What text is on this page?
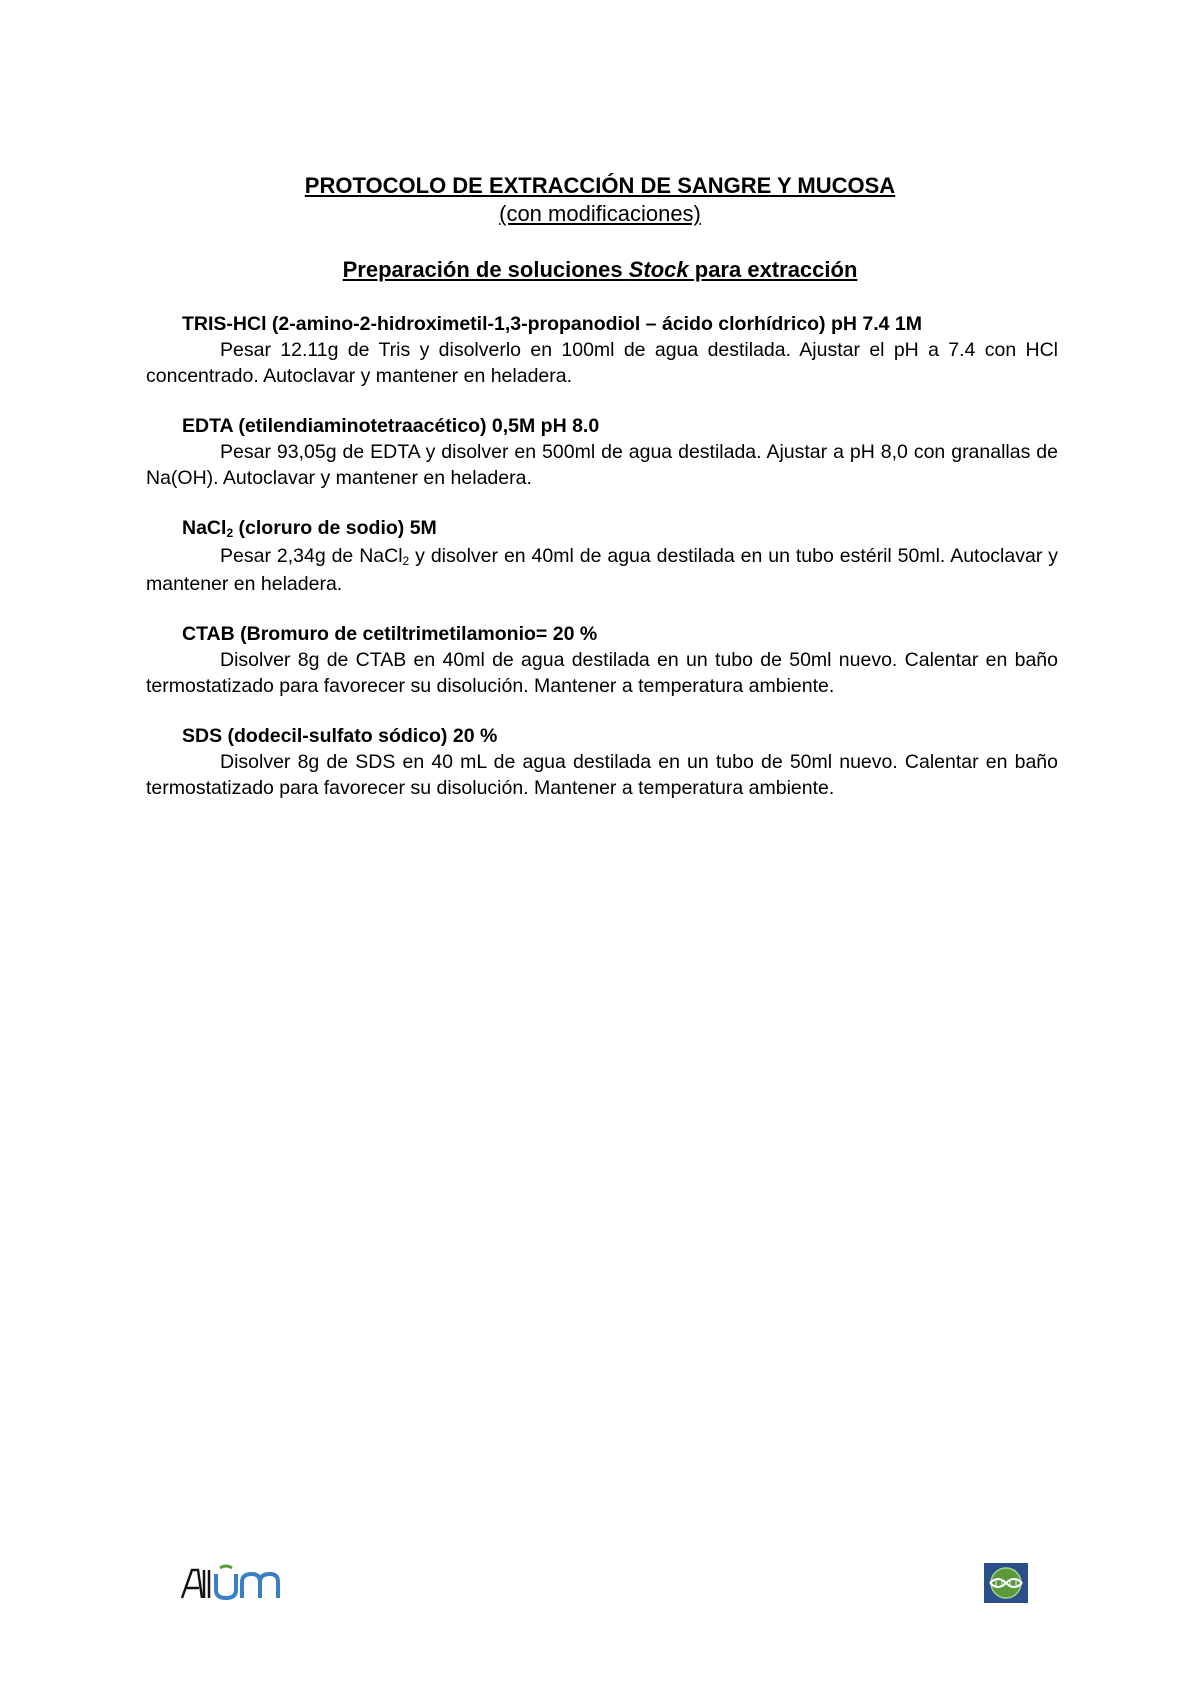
PROTOCOLO DE EXTRACCIÓN DE SANGRE Y MUCOSA

(con modificaciones)

Preparación de soluciones Stock para extracción
TRIS-HCl (2-amino-2-hidroximetil-1,3-propanodiol – ácido clorhídrico) pH 7.4 1M
Pesar 12.11g de Tris y disolverlo en 100ml de agua destilada. Ajustar el pH a 7.4 con HCl concentrado. Autoclavar y mantener en heladera.
EDTA (etilendiaminotetraacético) 0,5M pH 8.0
Pesar 93,05g de EDTA y disolver en 500ml de agua destilada. Ajustar a pH 8,0 con granallas de Na(OH). Autoclavar y mantener en heladera.
NaCl$_2$ (cloruro de sodio) 5M
Pesar 2,34g de NaCl$_2$ y disolver en 40ml de agua destilada en un tubo estéril 50ml. Autoclavar y mantener en heladera.
CTAB (Bromuro de cetiltrimetilamonio= 20 %
Disolver 8g de CTAB en 40ml de agua destilada en un tubo de 50ml nuevo. Calentar en baño termostatizado para favorecer su disolución. Mantener a temperatura ambiente.
SDS (dodecil-sulfato sódico) 20 %
Disolver 8g de SDS en 40 mL de agua destilada en un tubo de 50ml nuevo. Calentar en baño termostatizado para favorecer su disolución. Mantener a temperatura ambiente.
